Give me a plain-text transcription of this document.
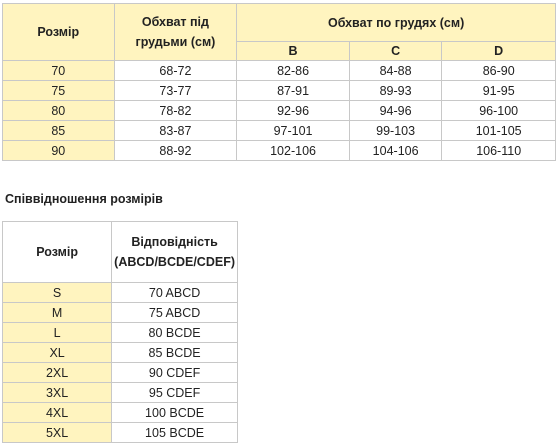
Розмір	Обхват під грудьми (см)	Обхват по грудях (см)		
		B	C	D
70	68-72	82-86	84-88	86-90
75	73-77	87-91	89-93	91-95
80	78-82	92-96	94-96	96-100
85	83-87	97-101	99-103	101-105
90	88-92	102-106	104-106	106-110
Співвідношення розмірів
Розмір	Відповідність (ABCD/BCDE/CDEF)
S	70 ABCD
M	75 ABCD
L	80 BCDE
XL	85 BCDE
2XL	90 CDEF
3XL	95 CDEF
4XL	100 BCDE
5XL	105 BCDE
